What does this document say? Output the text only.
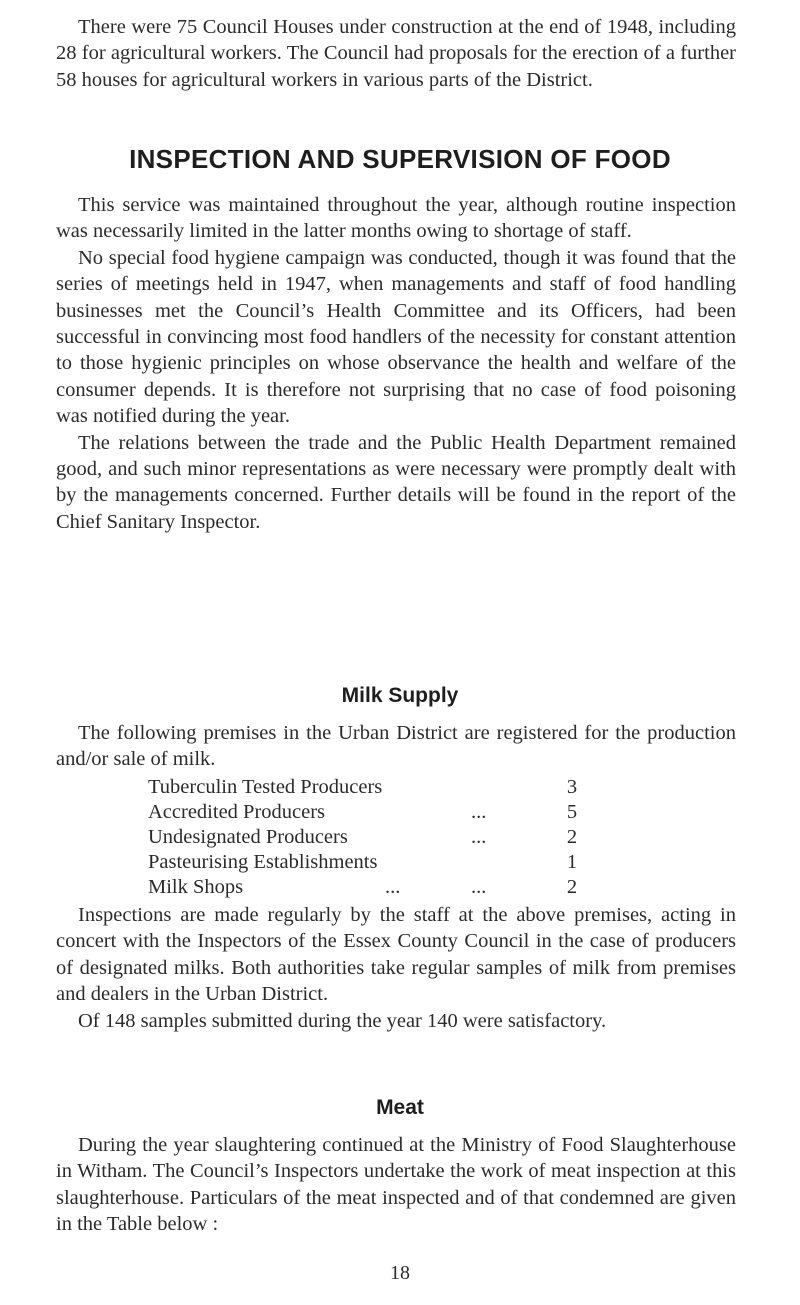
There were 75 Council Houses under construction at the end of 1948, including 28 for agricultural workers. The Council had proposals for the erection of a further 58 houses for agricultural workers in various parts of the District.

INSPECTION AND SUPERVISION OF FOOD

This service was maintained throughout the year, although routine inspection was necessarily limited in the latter months owing to shortage of staff.

No special food hygiene campaign was conducted, though it was found that the series of meetings held in 1947, when managements and staff of food handling businesses met the Council’s Health Committee and its Officers, had been successful in convincing most food handlers of the necessity for constant attention to those hygienic principles on whose observance the health and welfare of the consumer depends. It is therefore not surprising that no case of food poisoning was notified during the year.

The relations between the trade and the Public Health Department remained good, and such minor representations as were necessary were promptly dealt with by the managements concerned. Further details will be found in the report of the Chief Sanitary Inspector.

Milk Supply

The following premises in the Urban District are registered for the production and/or sale of milk.

Tuberculin Tested Producers	3
Accredited Producers	...	5
Undesignated Producers	...	2
Pasteurising Establishments	1
Milk Shops	...	...	2

Inspections are made regularly by the staff at the above premises, acting in concert with the Inspectors of the Essex County Council in the case of producers of designated milks. Both authorities take regular samples of milk from premises and dealers in the Urban District.

Of 148 samples submitted during the year 140 were satisfactory.

Meat

During the year slaughtering continued at the Ministry of Food Slaughterhouse in Witham. The Council’s Inspectors undertake the work of meat inspection at this slaughterhouse. Particulars of the meat inspected and of that condemned are given in the Table below :

18
